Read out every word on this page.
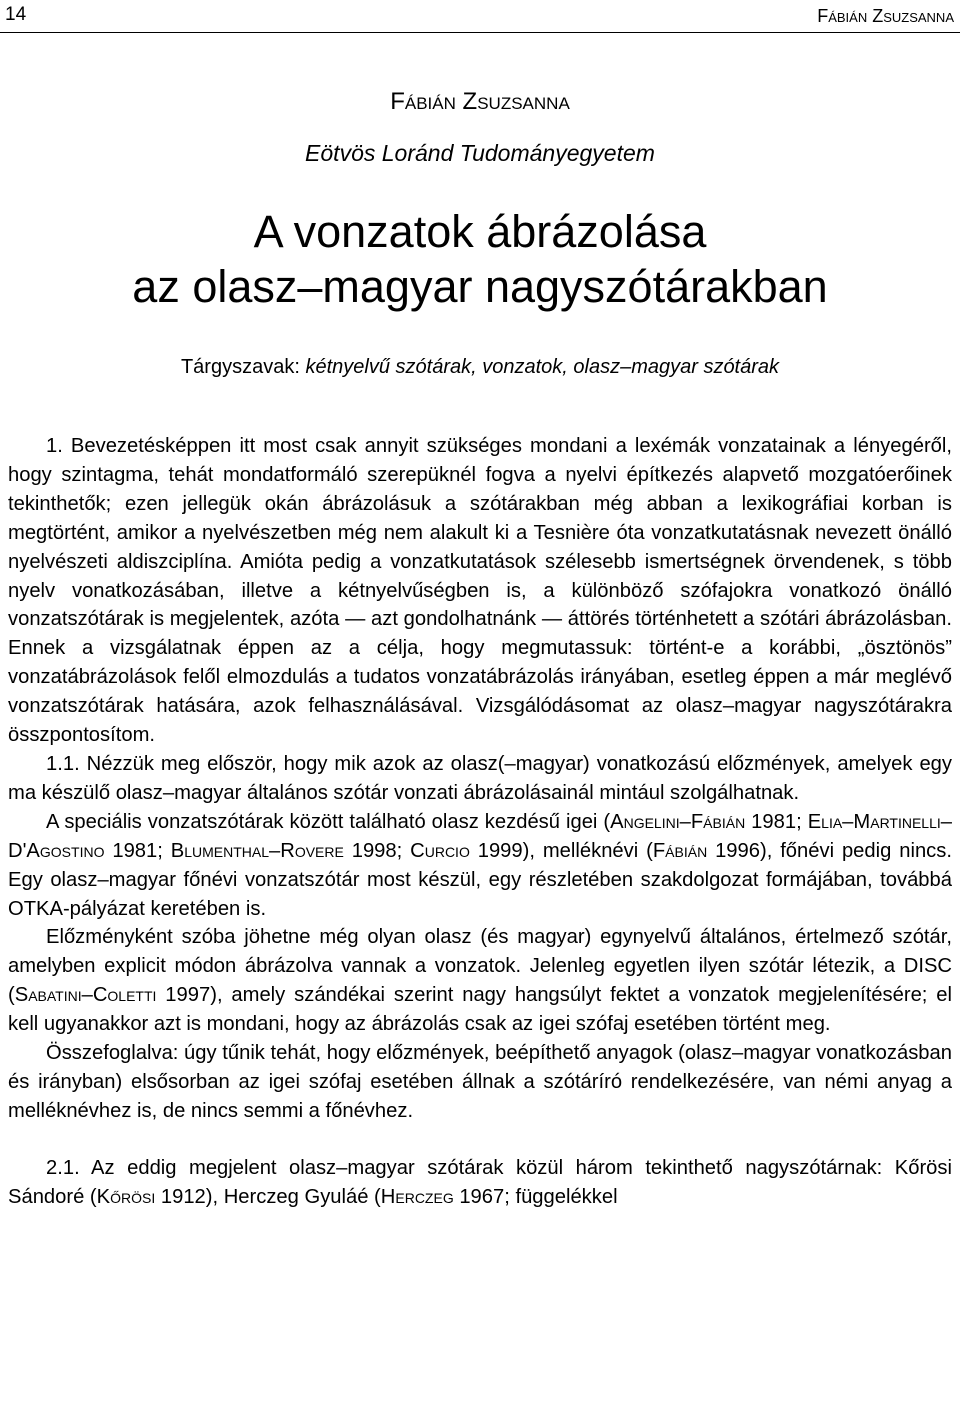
14	Fábián Zsuzsanna
Fábián Zsuzsanna
Eötvös Loránd Tudományegyetem
A vonzatok ábrázolása
az olasz–magyar nagyszótárakban
Tárgyszavak: kétnyelvű szótárak, vonzatok, olasz–magyar szótárak

1. Bevezetésképpen itt most csak annyit szükséges mondani a lexémák vonzatainak a lényegéről, hogy szintagma, tehát mondatformáló szerepüknél fogva a nyelvi építkezés alapvető mozgatóerőinek tekinthetők; ezen jellegük okán ábrázolásuk a szótárakban még abban a lexikográfiai korban is megtörtént, amikor a nyelvészetben még nem alakult ki a Tesnière óta vonzatkutatásnak nevezett önálló nyelvészeti aldiszciplína. Amióta pedig a vonzatkutatások szélesebb ismertségnek örvendenek, s több nyelv vonatkozásában, illetve a kétnyelvűségben is, a különböző szófajokra vonatkozó önálló vonzatszótárak is megjelentek, azóta — azt gondolhatnánk — áttörés történhetett a szótári ábrázolásban. Ennek a vizsgálatnak éppen az a célja, hogy megmutassuk: történt-e a korábbi, „ösztönös” vonzatábrázolások felől elmozdulás a tudatos vonzatábrázolás irányában, esetleg éppen a már meglévő vonzatszótárak hatására, azok felhasználásával. Vizsgálódásomat az olasz–magyar nagyszótárakra összpontosítom.

1.1. Nézzük meg először, hogy mik azok az olasz(–magyar) vonatkozású előzmények, amelyek egy ma készülő olasz–magyar általános szótár vonzati ábrázolásainál mintául szolgálhatnak.

A speciális vonzatszótárak között található olasz kezdésű igei (Angelini–Fábián 1981; Elia–Martinelli–D'Agostino 1981; Blumenthal–Rovere 1998; Curcio 1999), melléknévi (Fábián 1996), főnévi pedig nincs. Egy olasz–magyar főnévi vonzatszótár most készül, egy részletében szakdolgozat formájában, továbbá OTKA-pályázat keretében is.

Előzményként szóba jöhetne még olyan olasz (és magyar) egynyelvű általános, értelmező szótár, amelyben explicit módon ábrázolva vannak a vonzatok. Jelenleg egyetlen ilyen szótár létezik, a DISC (Sabatini–Coletti 1997), amely szándékai szerint nagy hangsúlyt fektet a vonzatok megjelenítésére; el kell ugyanakkor azt is mondani, hogy az ábrázolás csak az igei szófaj esetében történt meg.

Összefoglalva: úgy tűnik tehát, hogy előzmények, beépíthető anyagok (olasz–magyar vonatkozásban és irányban) elsősorban az igei szófaj esetében állnak a szótáríró rendelkezésére, van némi anyag a melléknévhez is, de nincs semmi a főnévhez.

2.1. Az eddig megjelent olasz–magyar szótárak közül három tekinthető nagyszótárnak: Kőrösi Sándoré (Kőrösi 1912), Herczeg Gyuláé (Herczeg 1967; függelékkel
